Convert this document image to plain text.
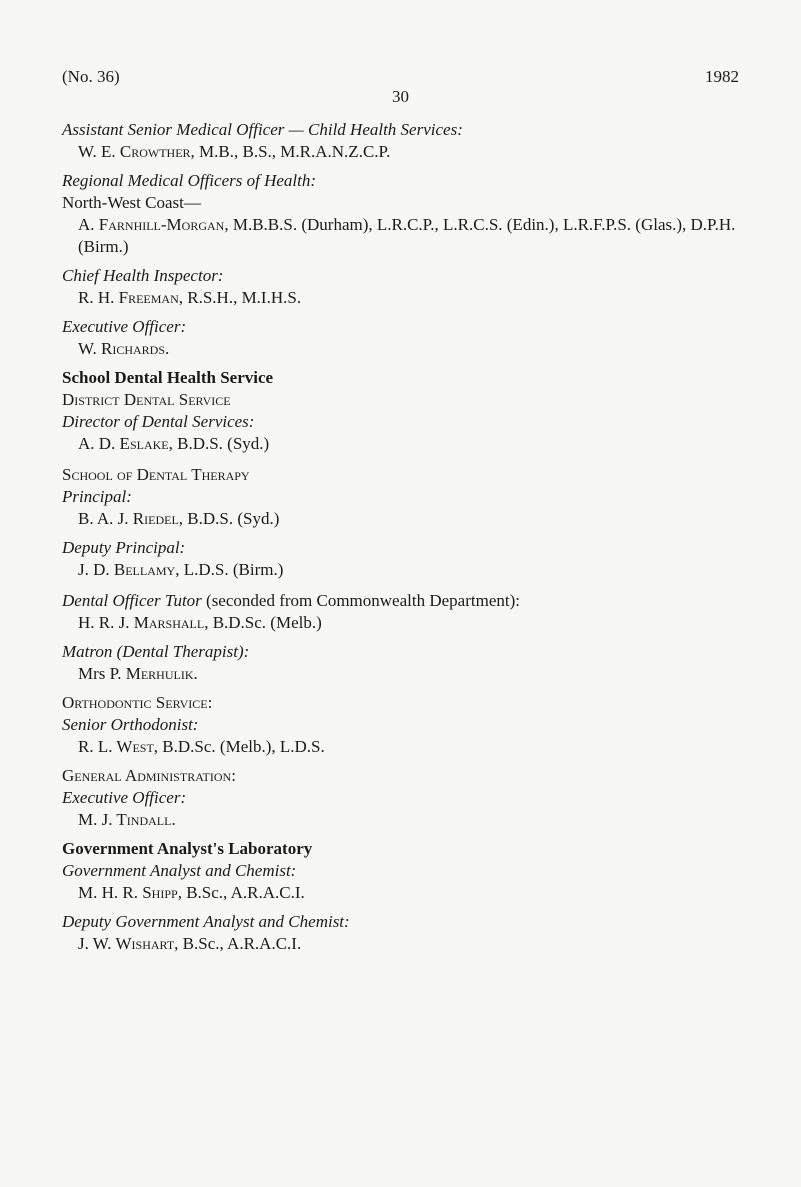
(No. 36)	1982
30
Assistant Senior Medical Officer — Child Health Services:
W. E. Crowther, M.B., B.S., M.R.A.N.Z.C.P.
Regional Medical Officers of Health:
North-West Coast—
A. Farnhill-Morgan, M.B.B.S. (Durham), L.R.C.P., L.R.C.S. (Edin.), L.R.F.P.S. (Glas.), D.P.H.
(Birm.)
Chief Health Inspector:
R. H. Freeman, R.S.H., M.I.H.S.
Executive Officer:
W. Richards.
School Dental Health Service
District Dental Service
Director of Dental Services:
A. D. Eslake, B.D.S. (Syd.)
School of Dental Therapy
Principal:
B. A. J. Riedel, B.D.S. (Syd.)
Deputy Principal:
J. D. Bellamy, L.D.S. (Birm.)
Dental Officer Tutor (seconded from Commonwealth Department):
H. R. J. Marshall, B.D.Sc. (Melb.)
Matron (Dental Therapist):
Mrs P. Merhulik.
Orthodontic Service:
Senior Orthodonist:
R. L. West, B.D.Sc. (Melb.), L.D.S.
General Administration:
Executive Officer:
M. J. Tindall.
Government Analyst's Laboratory
Government Analyst and Chemist:
M. H. R. Shipp, B.Sc., A.R.A.C.I.
Deputy Government Analyst and Chemist:
J. W. Wishart, B.Sc., A.R.A.C.I.
